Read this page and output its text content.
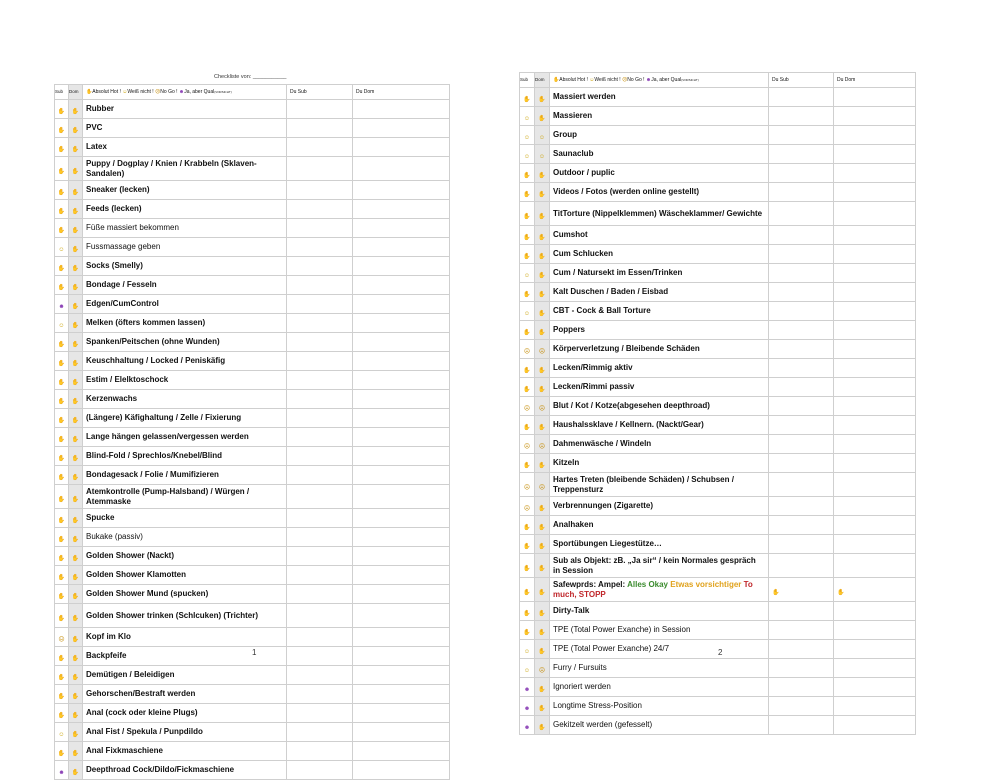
Checkliste von: ___________
Sub	Dom	✋Absolut Hot ! ☺Weiß nicht ! ☹No Go ! ☻Ja, aber Qual(VORSICHT)	Du Sub	Du Dom
✋	✋	Rubber		
✋	✋	PVC		
✋	✋	Latex		
✋	✋	Puppy / Dogplay / Knien / Krabbeln (Sklaven-Sandalen)		
✋	✋	Sneaker (lecken)		
✋	✋	Feeds (lecken)		
✋	✋	Füße massiert bekommen		
☺	✋	Fussmassage geben		
✋	✋	Socks (Smelly)		
✋	✋	Bondage / Fesseln		
☻	✋	Edgen/CumControl		
☺	✋	Melken (öfters kommen lassen)		
✋	✋	Spanken/Peitschen (ohne Wunden)		
✋	✋	Keuschhaltung / Locked / Peniskäfig		
✋	✋	Estim / Elelktoschock		
✋	✋	Kerzenwachs		
✋	✋	(Längere) Käfighaltung / Zelle / Fixierung		
✋	✋	Lange hängen gelassen/vergessen werden		
✋	✋	Blind-Fold / Sprechlos/Knebel/Blind		
✋	✋	Bondagesack / Folie / Mumifizieren		
✋	✋	Atemkontrolle (Pump-Halsband) / Würgen / Atemmaske		
✋	✋	Spucke		
✋	✋	Bukake (passiv)		
✋	✋	Golden Shower (Nackt)		
✋	✋	Golden Shower Klamotten		
✋	✋	Golden Shower Mund (spucken)		
✋	✋	Golden Shower trinken (Schlcuken) (Trichter)		
☹	✋	Kopf im Klo		
✋	✋	Backpfeife		
✋	✋	Demütigen / Beleidigen		
✋	✋	Gehorschen/Bestraft werden		
✋	✋	Anal (cock oder kleine Plugs)		
☺	✋	Anal Fist / Spekula / Punpdildo		
✋	✋	Anal Fixkmaschiene		
☻	✋	Deepthroad Cock/Dildo/Fickmaschiene		
1
Sub	Dom	✋Absolut Hot ! ☺Weiß nicht ! ☹No Go ! ☻Ja, aber Qual(VORSICHT)	Du Sub	Du Dom
✋	✋	Massiert werden		
☺	✋	Massieren		
☺	☺	Group		
☺	☺	Saunaclub		
✋	✋	Outdoor / puplic		
✋	✋	Videos / Fotos (werden online gestellt)		
✋	✋	TitTorture (Nippelklemmen) Wäscheklammer/ Gewichte		
✋	✋	Cumshot		
✋	✋	Cum Schlucken		
☺	✋	Cum / Natursekt im Essen/Trinken		
✋	✋	Kalt Duschen / Baden / Eisbad		
☺	✋	CBT - Cock & Ball Torture		
✋	✋	Poppers		
☹	☹	Körperverletzung / Bleibende Schäden		
✋	✋	Lecken/Rimmig aktiv		
✋	✋	Lecken/Rimmi passiv		
☹	☹	Blut / Kot / Kotze(abgesehen deepthroad)		
✋	✋	Haushalssklave / Kellnern. (Nackt/Gear)		
☹	☹	Dahmenwäsche / Windeln		
✋	✋	Kitzeln		
☹	☹	Hartes Treten (bleibende Schäden) / Schubsen / Treppensturz		
☹	✋	Verbrennungen (Zigarette)		
✋	✋	Analhaken		
✋	✋	Sportübungen Liegestütze…		
✋	✋	Sub als Objekt: zB. „Ja sir“ / kein Normales gespräch in Session		
✋	✋	Safewprds: Ampel: Alles Okay Etwas vorsichtiger To much, STOPP	✋	✋
✋	✋	Dirty-Talk		
✋	✋	TPE (Total Power Exanche) in Session		
☺	✋	TPE (Total Power Exanche) 24/7		
☺	☹	Furry / Fursuits		
☻	✋	Ignoriert werden		
☻	✋	Longtime Stress-Position		
☻	✋	Gekitzelt werden (gefesselt)		
2
